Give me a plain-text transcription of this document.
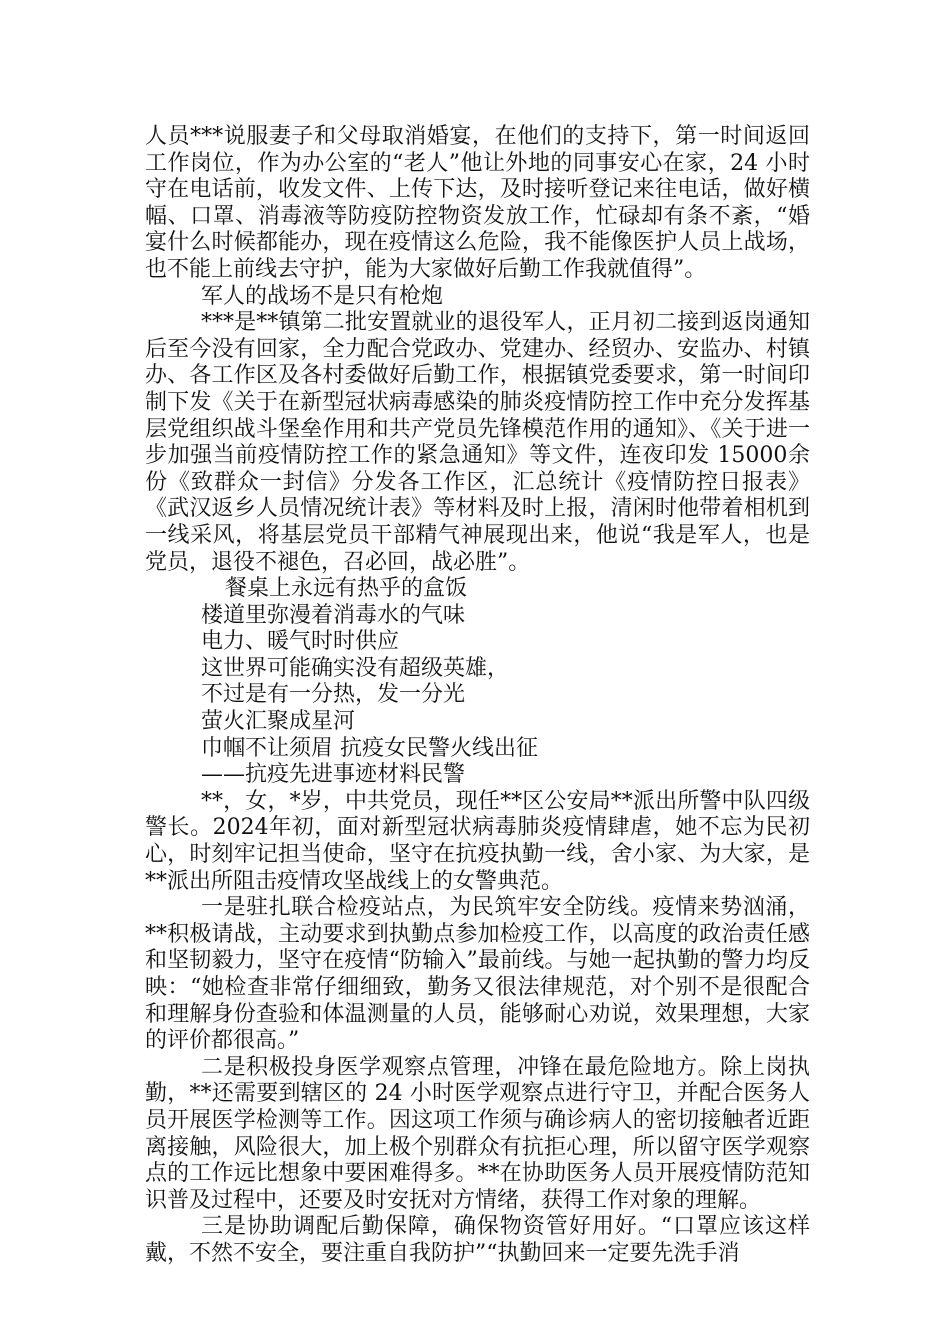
人员***说服妻子和父母取消婚宴，在他们的支持下，第一时间返回工作岗位，作为办公室的“老人”他让外地的同事安心在家，24 小时守在电话前，收发文件、上传下达，及时接听登记来往电话，做好横幅、口罩、消毒液等防疫防控物资发放工作，忙碌却有条不紊，“婚宴什么时候都能办，现在疫情这么危险，我不能像医护人员上战场，也不能上前线去守护，能为大家做好后勤工作我就值得”。

军人的战场不是只有枪炮

***是**镇第二批安置就业的退役军人，正月初二接到返岗通知后至今没有回家，全力配合党政办、党建办、经贸办、安监办、村镇办、各工作区及各村委做好后勤工作，根据镇党委要求，第一时间印制下发《关于在新型冠状病毒感染的肺炎疫情防控工作中充分发挥基层党组织战斗堡垒作用和共产党员先锋模范作用的通知》、《关于进一步加强当前疫情防控工作的紧急通知》等文件，连夜印发 15000余份《致群众一封信》分发各工作区，汇总统计《疫情防控日报表》《武汉返乡人员情况统计表》等材料及时上报，清闲时他带着相机到一线采风，将基层党员干部精气神展现出来，他说“我是军人，也是党员，退役不褪色，召必回，战必胜”。

餐桌上永远有热乎的盒饭

楼道里弥漫着消毒水的气味

电力、暖气时时供应

这世界可能确实没有超级英雄，

不过是有一分热，发一分光

萤火汇聚成星河

巾帼不让须眉 抗疫女民警火线出征

——抗疫先进事迹材料民警

**，女，*岁，中共党员，现任**区公安局**派出所警中队四级警长。2024年初，面对新型冠状病毒肺炎疫情肆虐，她不忘为民初心，时刻牢记担当使命，坚守在抗疫执勤一线，舍小家、为大家，是**派出所阻击疫情攻坚战线上的女警典范。

一是驻扎联合检疫站点，为民筑牢安全防线。疫情来势汹涌，**积极请战，主动要求到执勤点参加检疫工作，以高度的政治责任感和坚韧毅力，坚守在疫情“防输入”最前线。与她一起执勤的警力均反映：“她检查非常仔细细致，勤务又很法律规范，对个别不是很配合和理解身份查验和体温测量的人员，能够耐心劝说，效果理想，大家的评价都很高。”

二是积极投身医学观察点管理，冲锋在最危险地方。除上岗执勤，**还需要到辖区的 24 小时医学观察点进行守卫，并配合医务人员开展医学检测等工作。因这项工作须与确诊病人的密切接触者近距离接触，风险很大，加上极个别群众有抗拒心理，所以留守医学观察点的工作远比想象中要困难得多。**在协助医务人员开展疫情防范知识普及过程中，还要及时安抚对方情绪，获得工作对象的理解。

三是协助调配后勤保障，确保物资管好用好。“口罩应该这样戴，不然不安全，要注重自我防护”“执勤回来一定要先洗手消
